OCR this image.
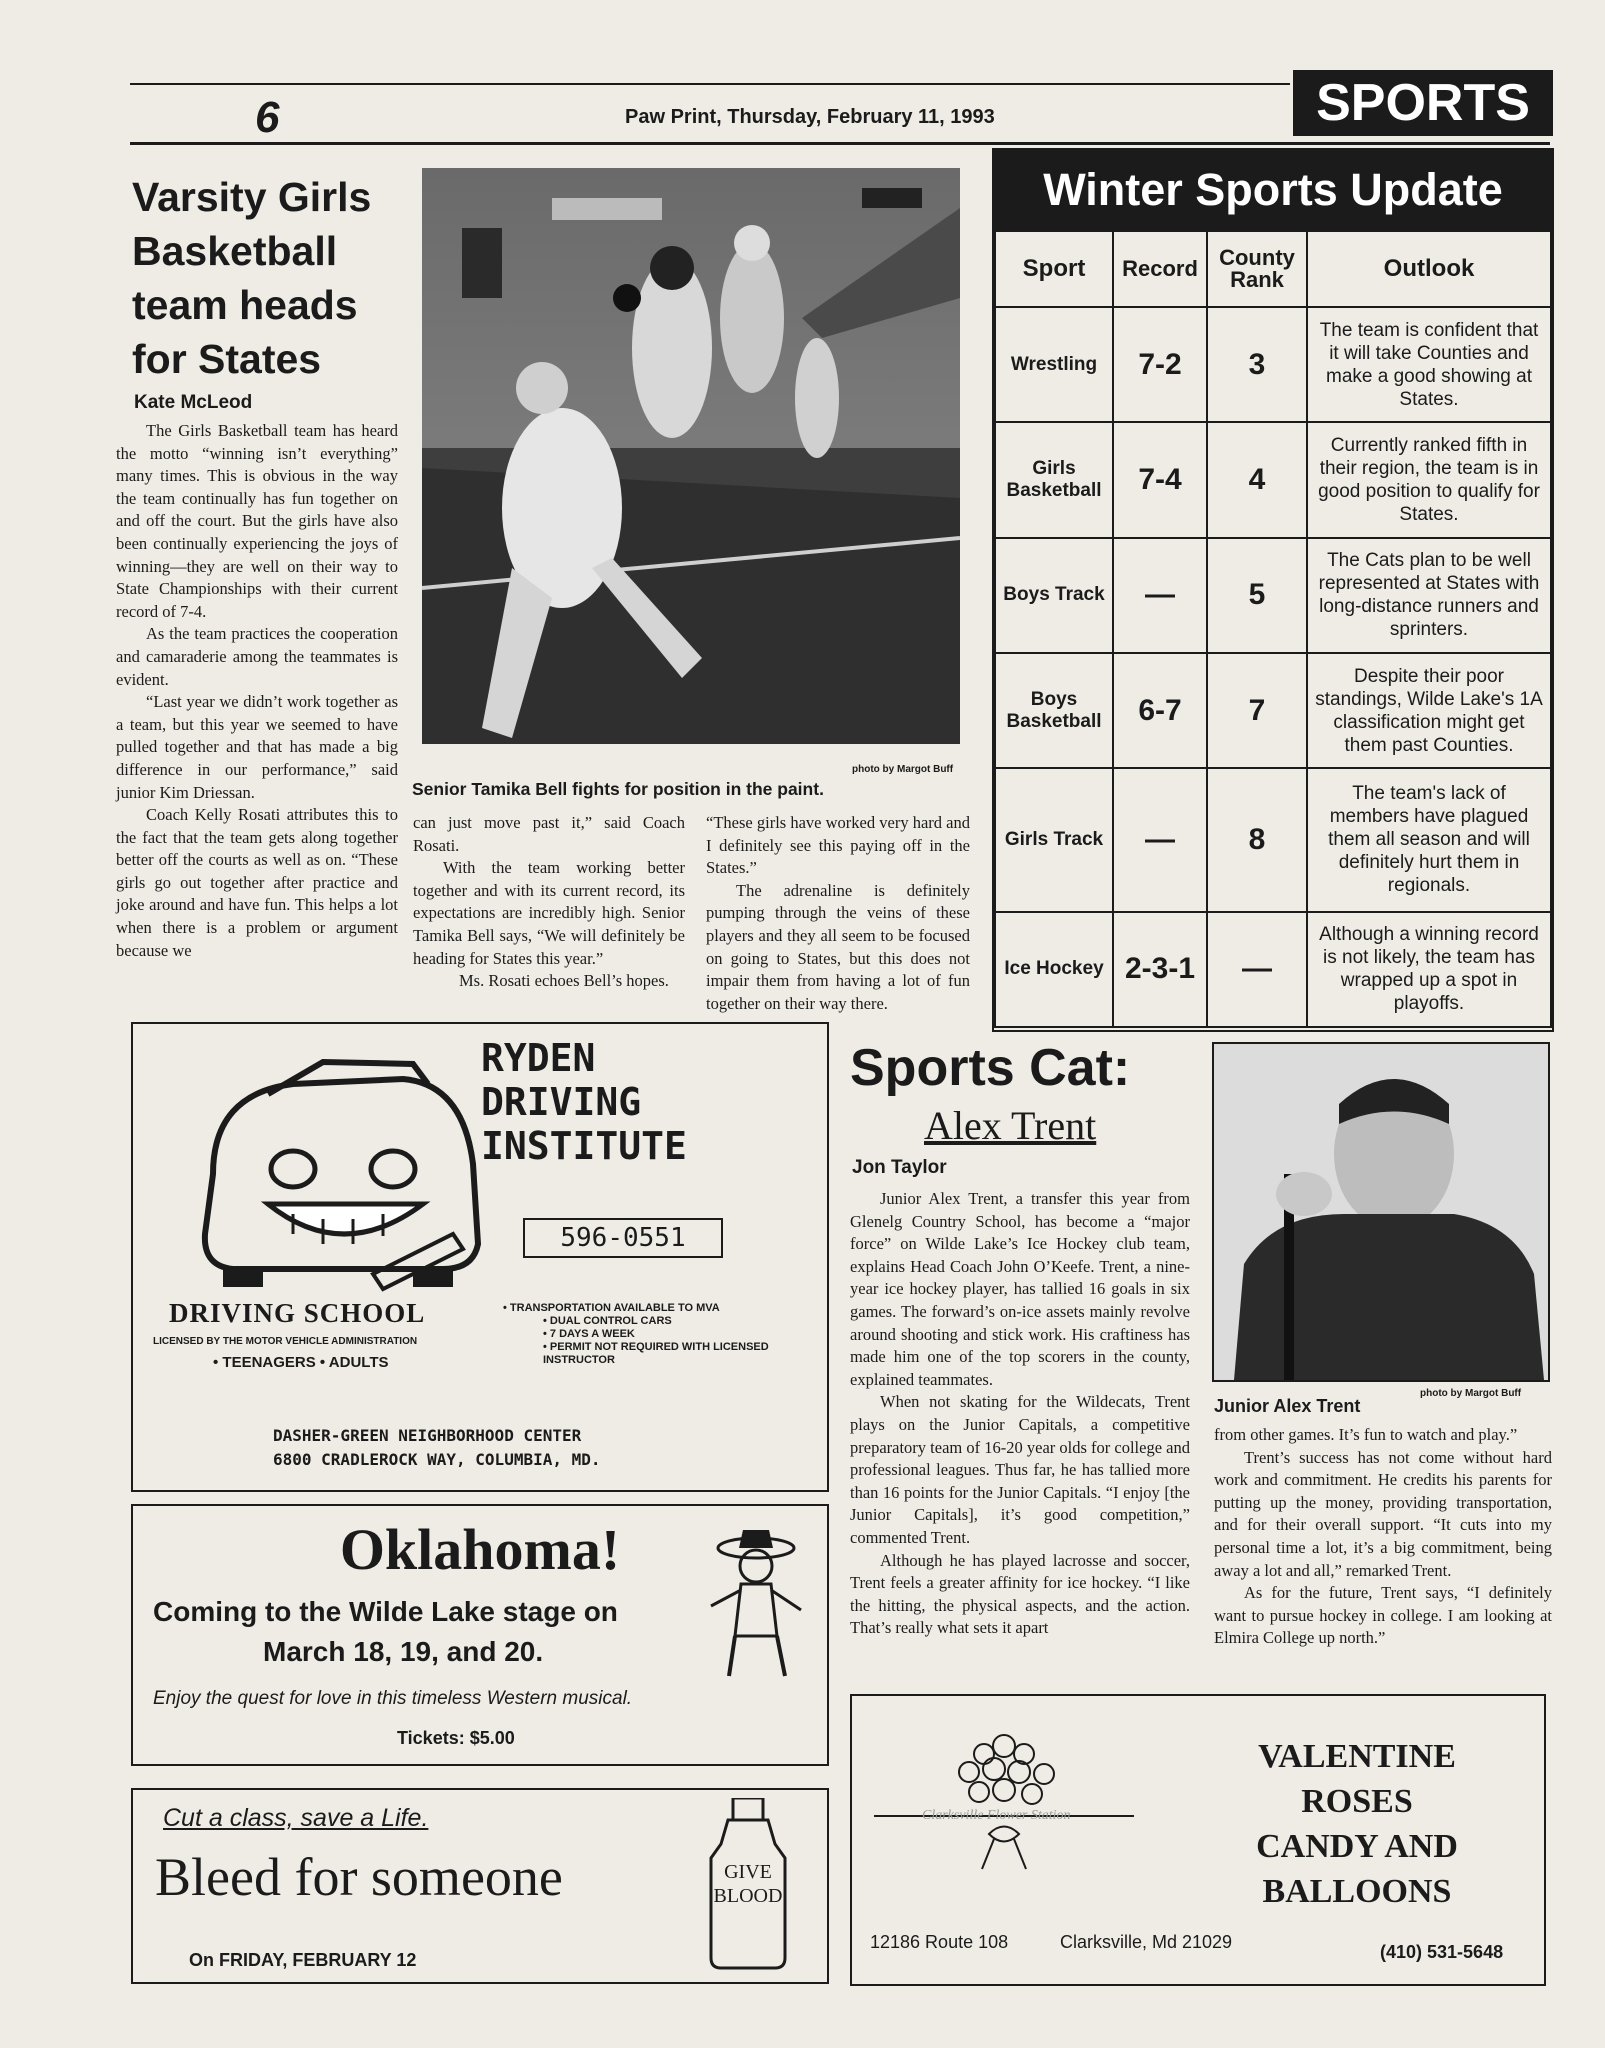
6	Paw Print, Thursday, February 11, 1993	SPORTS
Varsity Girls
Basketball
team heads
for States
Kate McLeod

The Girls Basketball team has heard the motto “winning isn’t everything” many times. This is obvious in the way the team continually has fun together on and off the court. But the girls have also been continually experiencing the joys of winning—they are well on their way to State Championships with their current record of 7-4.

As the team practices the cooperation and camaraderie among the teammates is evident.

“Last year we didn’t work together as a team, but this year we seemed to have pulled together and that has made a big difference in our performance,” said junior Kim Driessan.

Coach Kelly Rosati attributes this to the fact that the team gets along together better off the courts as well as on. “These girls go out together after practice and joke around and have fun. This helps a lot when there is a problem or argument because we

photo by Margot Buff
Senior Tamika Bell fights for position in the paint.

can just move past it,” said Coach Rosati.

With the team working better together and with its current record, its expectations are incredibly high. Senior Tamika Bell says, “We will definitely be heading for States this year.”

Ms. Rosati echoes Bell’s hopes.

“These girls have worked very hard and I definitely see this paying off in the States.”

The adrenaline is definitely pumping through the veins of these players and they all seem to be focused on going to States, but this does not impair them from having a lot of fun together on their way there.

Winter Sports Update
Sport	Record	County Rank	Outlook
Wrestling	7-2	3	The team is confident that it will take Counties and make a good showing at States.
Girls Basketball	7-4	4	Currently ranked fifth in their region, the team is in good position to qualify for States.
Boys Track	—	5	The Cats plan to be well represented at States with long-distance runners and sprinters.
Boys Basketball	6-7	7	Despite their poor standings, Wilde Lake's 1A classification might get them past Counties.
Girls Track	—	8	The team's lack of members have plagued them all season and will definitely hurt them in regionals.
Ice Hockey	2-3-1	—	Although a winning record is not likely, the team has wrapped up a spot in playoffs.
RYDEN
DRIVING
INSTITUTE
596-0551
DRIVING SCHOOL
LICENSED BY THE MOTOR VEHICLE ADMINISTRATION
• TEENAGERS • ADULTS
• TRANSPORTATION AVAILABLE TO MVA
• DUAL CONTROL CARS
• 7 DAYS A WEEK
• PERMIT NOT REQUIRED WITH LICENSED INSTRUCTOR
DASHER-GREEN NEIGHBORHOOD CENTER
6800 CRADLEROCK WAY, COLUMBIA, MD.
Oklahoma!
Coming to the Wilde Lake stage on
March 18, 19, and 20.
Enjoy the quest for love in this timeless Western musical.
Tickets: $5.00
Cut a class, save a Life.
Bleed for someone
On FRIDAY, FEBRUARY 12
GIVE
BLOOD
Sports Cat:
Alex Trent
Jon Taylor

Junior Alex Trent, a transfer this year from Glenelg Country School, has become a “major force” on Wilde Lake’s Ice Hockey club team, explains Head Coach John O’Keefe. Trent, a nine-year ice hockey player, has tallied 16 goals in six games. The forward’s on-ice assets mainly revolve around shooting and stick work. His craftiness has made him one of the top scorers in the county, explained teammates.

When not skating for the Wildecats, Trent plays on the Junior Capitals, a competitive preparatory team of 16-20 year olds for college and professional leagues. Thus far, he has tallied more than 16 points for the Junior Capitals. “I enjoy [the Junior Capitals], it’s good competition,” commented Trent.

Although he has played lacrosse and soccer, Trent feels a greater affinity for ice hockey. “I like the hitting, the physical aspects, and the action. That’s really what sets it apart

photo by Margot Buff
Junior Alex Trent

from other games. It’s fun to watch and play.”

Trent’s success has not come without hard work and commitment. He credits his parents for putting up the money, providing transportation, and for their overall support. “It cuts into my personal time a lot, it’s a big commitment, being away a lot and all,” remarked Trent.

As for the future, Trent says, “I definitely want to pursue hockey in college. I am looking at Elmira College up north.”

Clarksville Flower Station
VALENTINE
ROSES
CANDY AND
BALLOONS
12186 Route 108	Clarksville, Md 21029	(410) 531-5648
